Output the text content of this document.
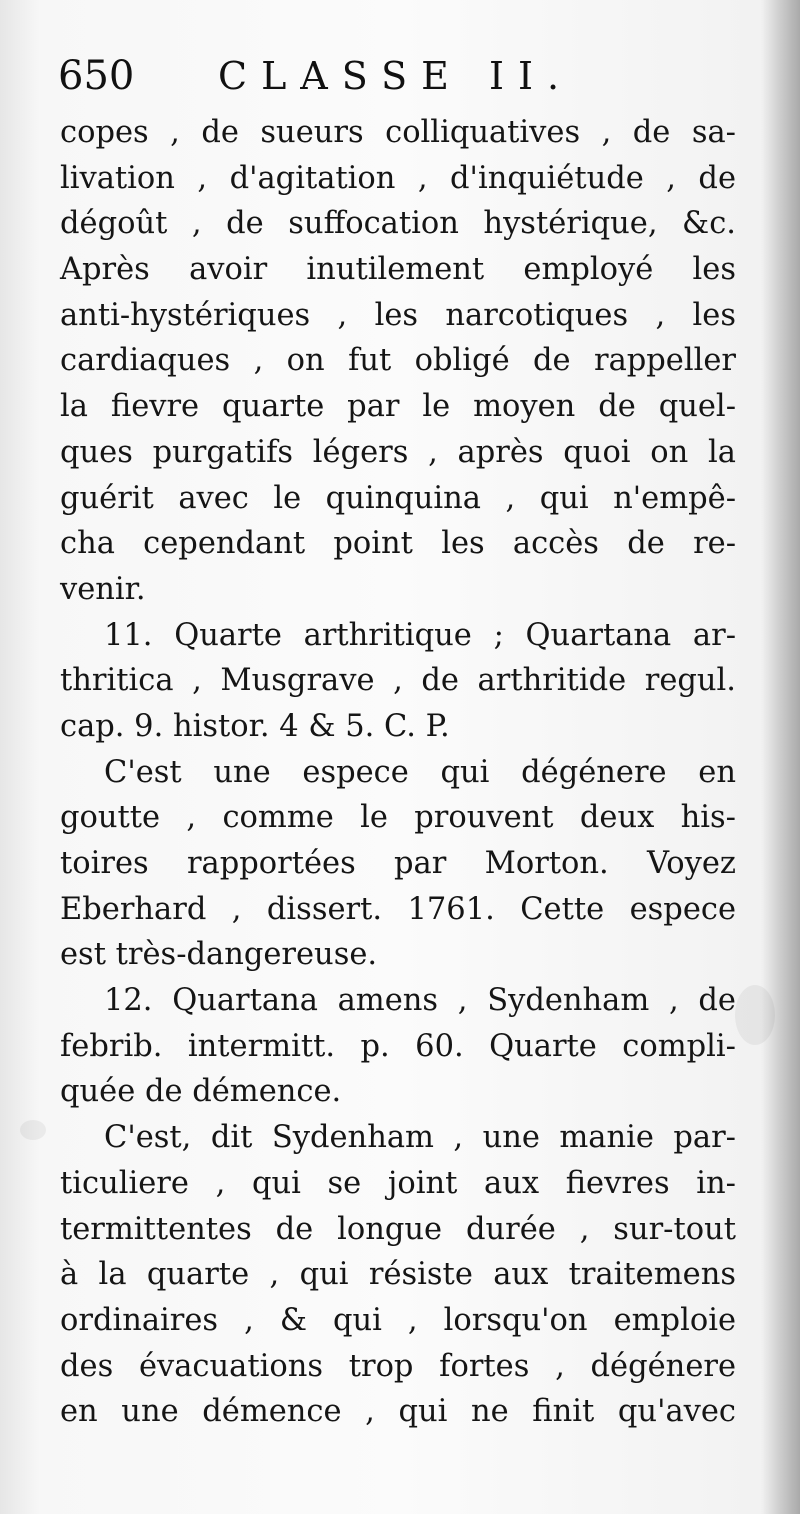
650 CLASSE II.
copes , de sueurs colliquatives , de sa-
livation , d'agitation , d'inquiétude , de
dégoût , de suffocation hystérique, &c.
Après avoir inutilement employé les
anti-hystériques , les narcotiques , les
cardiaques , on fut obligé de rappeller
la fievre quarte par le moyen de quel-
ques purgatifs légers , après quoi on la
guérit avec le quinquina , qui n'empê-
cha cependant point les accès de re-
venir.
11. Quarte arthritique ; Quartana ar-
thritica , Musgrave , de arthritide regul.
cap. 9. histor. 4 & 5. C. P.
C'est une espece qui dégénere en
goutte , comme le prouvent deux his-
toires rapportées par Morton. Voyez
Eberhard , dissert. 1761. Cette espece
est très-dangereuse.
12. Quartana amens , Sydenham , de
febrib. intermitt. p. 60. Quarte compli-
quée de démence.
C'est, dit Sydenham , une manie par-
ticuliere , qui se joint aux fievres in-
termittentes de longue durée , sur-tout
à la quarte , qui résiste aux traitemens
ordinaires , & qui , lorsqu'on emploie
des évacuations trop fortes , dégénere
en une démence , qui ne finit qu'avec
